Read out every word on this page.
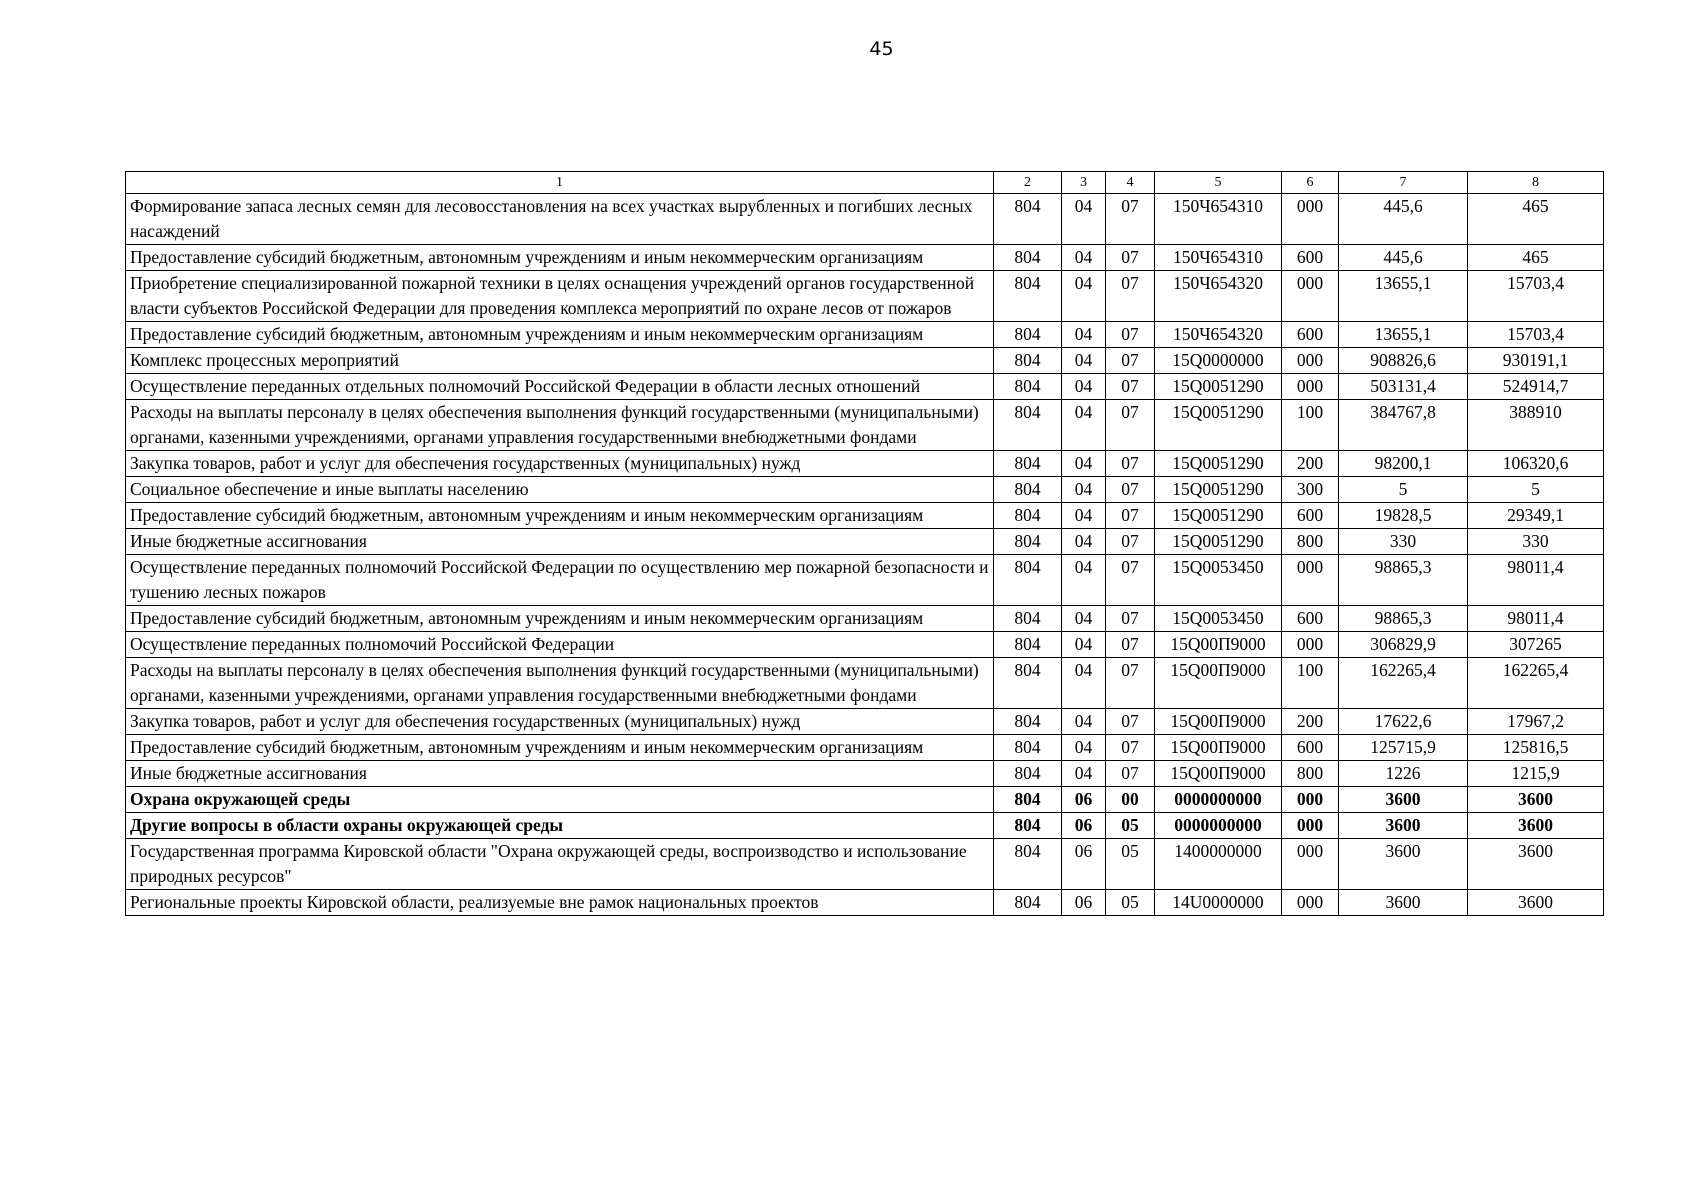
45
1	2	3	4	5	6	7	8
Формирование запаса лесных семян для лесовосстановления на всех участках вырубленных и погибших лесных насаждений	804	04	07	150Ч654310	000	445,6	465
Предоставление субсидий бюджетным, автономным учреждениям и иным некоммерческим организациям	804	04	07	150Ч654310	600	445,6	465
Приобретение специализированной пожарной техники в целях оснащения учреждений органов государственной власти субъектов Российской Федерации для проведения комплекса мероприятий по охране лесов от пожаров	804	04	07	150Ч654320	000	13655,1	15703,4
Предоставление субсидий бюджетным, автономным учреждениям и иным некоммерческим организациям	804	04	07	150Ч654320	600	13655,1	15703,4
Комплекс процессных мероприятий	804	04	07	15Q0000000	000	908826,6	930191,1
Осуществление переданных отдельных полномочий Российской Федерации в области лесных отношений	804	04	07	15Q0051290	000	503131,4	524914,7
Расходы на выплаты персоналу в целях обеспечения выполнения функций государственными (муниципальными) органами, казенными учреждениями, органами управления государственными внебюджетными фондами	804	04	07	15Q0051290	100	384767,8	388910
Закупка товаров, работ и услуг для обеспечения государственных (муниципальных) нужд	804	04	07	15Q0051290	200	98200,1	106320,6
Социальное обеспечение и иные выплаты населению	804	04	07	15Q0051290	300	5	5
Предоставление субсидий бюджетным, автономным учреждениям и иным некоммерческим организациям	804	04	07	15Q0051290	600	19828,5	29349,1
Иные бюджетные ассигнования	804	04	07	15Q0051290	800	330	330
Осуществление переданных полномочий Российской Федерации по осуществлению мер пожарной безопасности и тушению лесных пожаров	804	04	07	15Q0053450	000	98865,3	98011,4
Предоставление субсидий бюджетным, автономным учреждениям и иным некоммерческим организациям	804	04	07	15Q0053450	600	98865,3	98011,4
Осуществление переданных полномочий Российской Федерации	804	04	07	15Q00П9000	000	306829,9	307265
Расходы на выплаты персоналу в целях обеспечения выполнения функций государственными (муниципальными) органами, казенными учреждениями, органами управления государственными внебюджетными фондами	804	04	07	15Q00П9000	100	162265,4	162265,4
Закупка товаров, работ и услуг для обеспечения государственных (муниципальных) нужд	804	04	07	15Q00П9000	200	17622,6	17967,2
Предоставление субсидий бюджетным, автономным учреждениям и иным некоммерческим организациям	804	04	07	15Q00П9000	600	125715,9	125816,5
Иные бюджетные ассигнования	804	04	07	15Q00П9000	800	1226	1215,9
Охрана окружающей среды	804	06	00	0000000000	000	3600	3600
Другие вопросы в области охраны окружающей среды	804	06	05	0000000000	000	3600	3600
Государственная программа Кировской области "Охрана окружающей среды, воспроизводство и использование природных ресурсов"	804	06	05	1400000000	000	3600	3600
Региональные проекты Кировской области, реализуемые вне рамок национальных проектов	804	06	05	14U0000000	000	3600	3600
